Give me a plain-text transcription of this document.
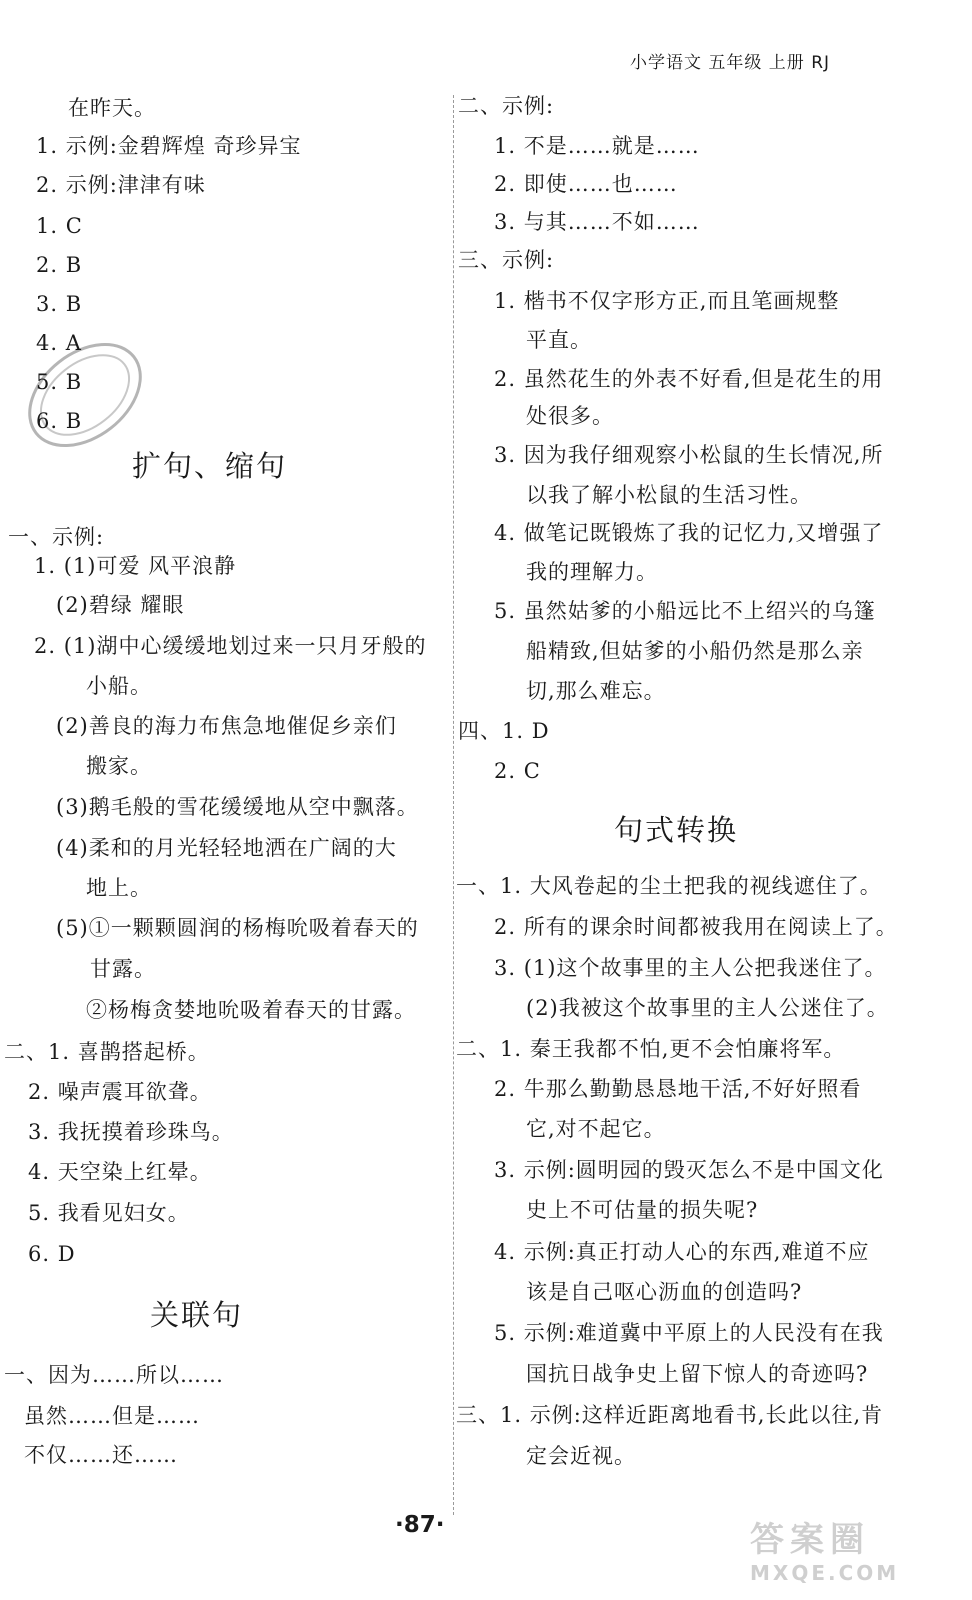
小学语文 五年级 上册 RJ
在昨天。
1. 示例:金碧辉煌 奇珍异宝
2. 示例:津津有味
1. C
2. B
3. B
4. A
5. B
6. B
扩句、缩句
一、示例:
1. (1)可爱 风平浪静
(2)碧绿 耀眼
2. (1)湖中心缓缓地划过来一只月牙般的
小船。
(2)善良的海力布焦急地催促乡亲们
搬家。
(3)鹅毛般的雪花缓缓地从空中飘落。
(4)柔和的月光轻轻地洒在广阔的大
地上。
(5)①一颗颗圆润的杨梅吮吸着春天的
甘露。
②杨梅贪婪地吮吸着春天的甘露。
二、1. 喜鹊搭起桥。
2. 噪声震耳欲聋。
3. 我抚摸着珍珠鸟。
4. 天空染上红晕。
5. 我看见妇女。
6. D
关联句
一、因为……所以……
虽然……但是……
不仅……还……
二、示例:
1. 不是……就是……
2. 即使……也……
3. 与其……不如……
三、示例:
1. 楷书不仅字形方正,而且笔画规整
平直。
2. 虽然花生的外表不好看,但是花生的用
处很多。
3. 因为我仔细观察小松鼠的生长情况,所
以我了解小松鼠的生活习性。
4. 做笔记既锻炼了我的记忆力,又增强了
我的理解力。
5. 虽然姑爹的小船远比不上绍兴的乌篷
船精致,但姑爹的小船仍然是那么亲
切,那么难忘。
四、1. D
2. C
句式转换
一、1. 大风卷起的尘土把我的视线遮住了。
2. 所有的课余时间都被我用在阅读上了。
3. (1)这个故事里的主人公把我迷住了。
(2)我被这个故事里的主人公迷住了。
二、1. 秦王我都不怕,更不会怕廉将军。
2. 牛那么勤勤恳恳地干活,不好好照看
它,对不起它。
3. 示例:圆明园的毁灭怎么不是中国文化
史上不可估量的损失呢?
4. 示例:真正打动人心的东西,难道不应
该是自己呕心沥血的创造吗?
5. 示例:难道冀中平原上的人民没有在我
国抗日战争史上留下惊人的奇迹吗?
三、1. 示例:这样近距离地看书,长此以往,肯
定会近视。
·87·	答案圈
MXQE.COM
